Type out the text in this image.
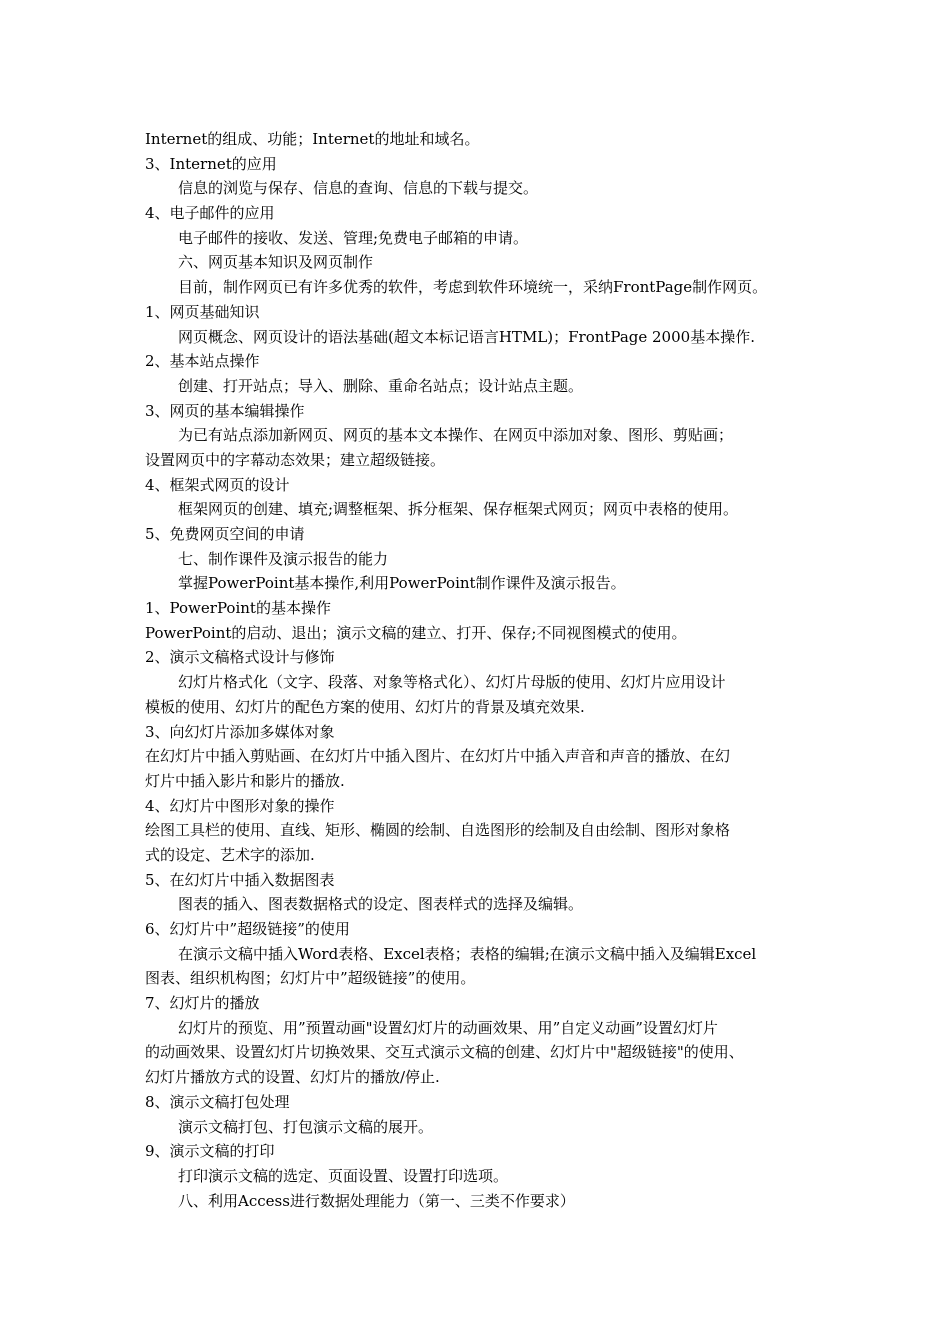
Internet的组成、功能；Internet的地址和域名。
3、Internet的应用
信息的浏览与保存、信息的查询、信息的下载与提交。
4、电子邮件的应用
电子邮件的接收、发送、管理;免费电子邮箱的申请。
六、网页基本知识及网页制作
目前，制作网页已有许多优秀的软件，考虑到软件环境统一，采纳FrontPage制作网页。
1、网页基础知识
网页概念、网页设计的语法基础(超文本标记语言HTML)；FrontPage 2000基本操作.
2、基本站点操作
创建、打开站点；导入、删除、重命名站点；设计站点主题。
3、网页的基本编辑操作
为已有站点添加新网页、网页的基本文本操作、在网页中添加对象、图形、剪贴画；
设置网页中的字幕动态效果；建立超级链接。
4、框架式网页的设计
框架网页的创建、填充;调整框架、拆分框架、保存框架式网页；网页中表格的使用。
5、免费网页空间的申请
七、制作课件及演示报告的能力
掌握PowerPoint基本操作,利用PowerPoint制作课件及演示报告。
1、PowerPoint的基本操作
PowerPoint的启动、退出；演示文稿的建立、打开、保存;不同视图模式的使用。
2、演示文稿格式设计与修饰
幻灯片格式化（文字、段落、对象等格式化）、幻灯片母版的使用、幻灯片应用设计
模板的使用、幻灯片的配色方案的使用、幻灯片的背景及填充效果.
3、向幻灯片添加多媒体对象
在幻灯片中插入剪贴画、在幻灯片中插入图片、在幻灯片中插入声音和声音的播放、在幻
灯片中插入影片和影片的播放.
4、幻灯片中图形对象的操作
绘图工具栏的使用、直线、矩形、椭圆的绘制、自选图形的绘制及自由绘制、图形对象格
式的设定、艺术字的添加.
5、在幻灯片中插入数据图表
图表的插入、图表数据格式的设定、图表样式的选择及编辑。
6、幻灯片中”超级链接”的使用
在演示文稿中插入Word表格、Excel表格；表格的编辑;在演示文稿中插入及编辑Excel
图表、组织机构图；幻灯片中”超级链接”的使用。
7、幻灯片的播放
幻灯片的预览、用”预置动画"设置幻灯片的动画效果、用”自定义动画”设置幻灯片
的动画效果、设置幻灯片切换效果、交互式演示文稿的创建、幻灯片中"超级链接"的使用、
幻灯片播放方式的设置、幻灯片的播放/停止.
8、演示文稿打包处理
演示文稿打包、打包演示文稿的展开。
9、演示文稿的打印
打印演示文稿的选定、页面设置、设置打印选项。
八、利用Access进行数据处理能力（第一、三类不作要求）
